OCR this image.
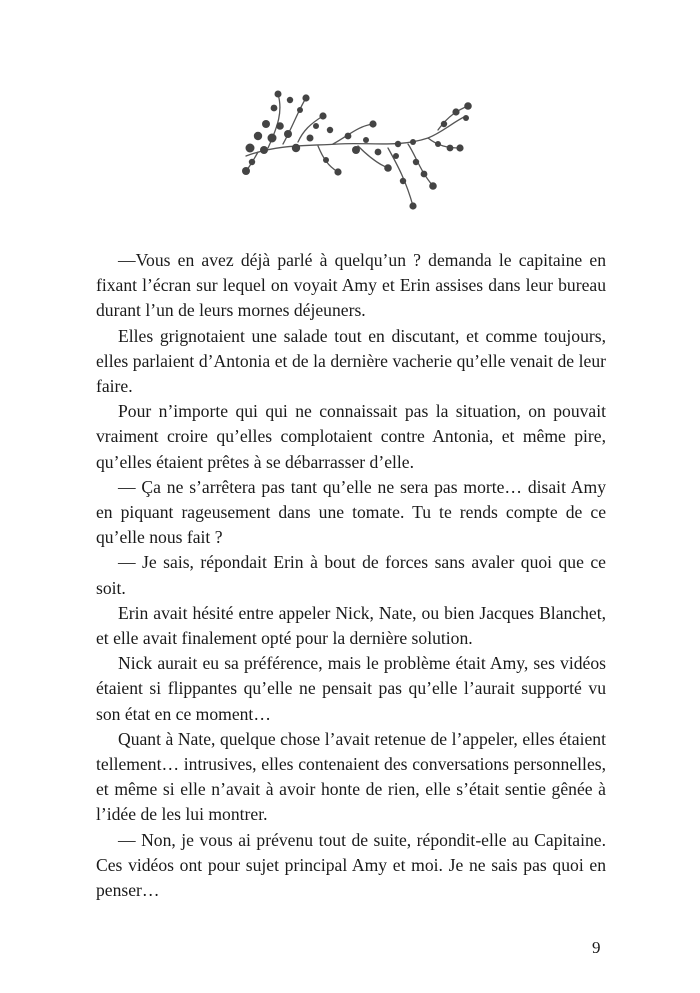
—Vous en avez déjà parlé à quelqu’un ? demanda le capitaine en fixant l’écran sur lequel on voyait Amy et Erin assises dans leur bureau durant l’un de leurs mornes déjeuners.

Elles grignotaient une salade tout en discutant, et comme toujours, elles parlaient d’Antonia et de la dernière vacherie qu’elle venait de leur faire.

Pour n’importe qui qui ne connaissait pas la situation, on pouvait vraiment croire qu’elles complotaient contre Antonia, et même pire, qu’elles étaient prêtes à se débarrasser d’elle.

— Ça ne s’arrêtera pas tant qu’elle ne sera pas morte… disait Amy en piquant rageusement dans une tomate. Tu te rends compte de ce qu’elle nous fait ?

— Je sais, répondait Erin à bout de forces sans avaler quoi que ce soit.

Erin avait hésité entre appeler Nick, Nate, ou bien Jacques Blanchet, et elle avait finalement opté pour la dernière solution.

Nick aurait eu sa préférence, mais le problème était Amy, ses vidéos étaient si flippantes qu’elle ne pensait pas qu’elle l’aurait supporté vu son état en ce moment…

Quant à Nate, quelque chose l’avait retenue de l’appeler, elles étaient tellement… intrusives, elles contenaient des conversations personnelles, et même si elle n’avait à avoir honte de rien, elle s’était sentie gênée à l’idée de les lui montrer.

— Non, je vous ai prévenu tout de suite, répondit-elle au Capitaine. Ces vidéos ont pour sujet principal Amy et moi. Je ne sais pas quoi en penser…

9
